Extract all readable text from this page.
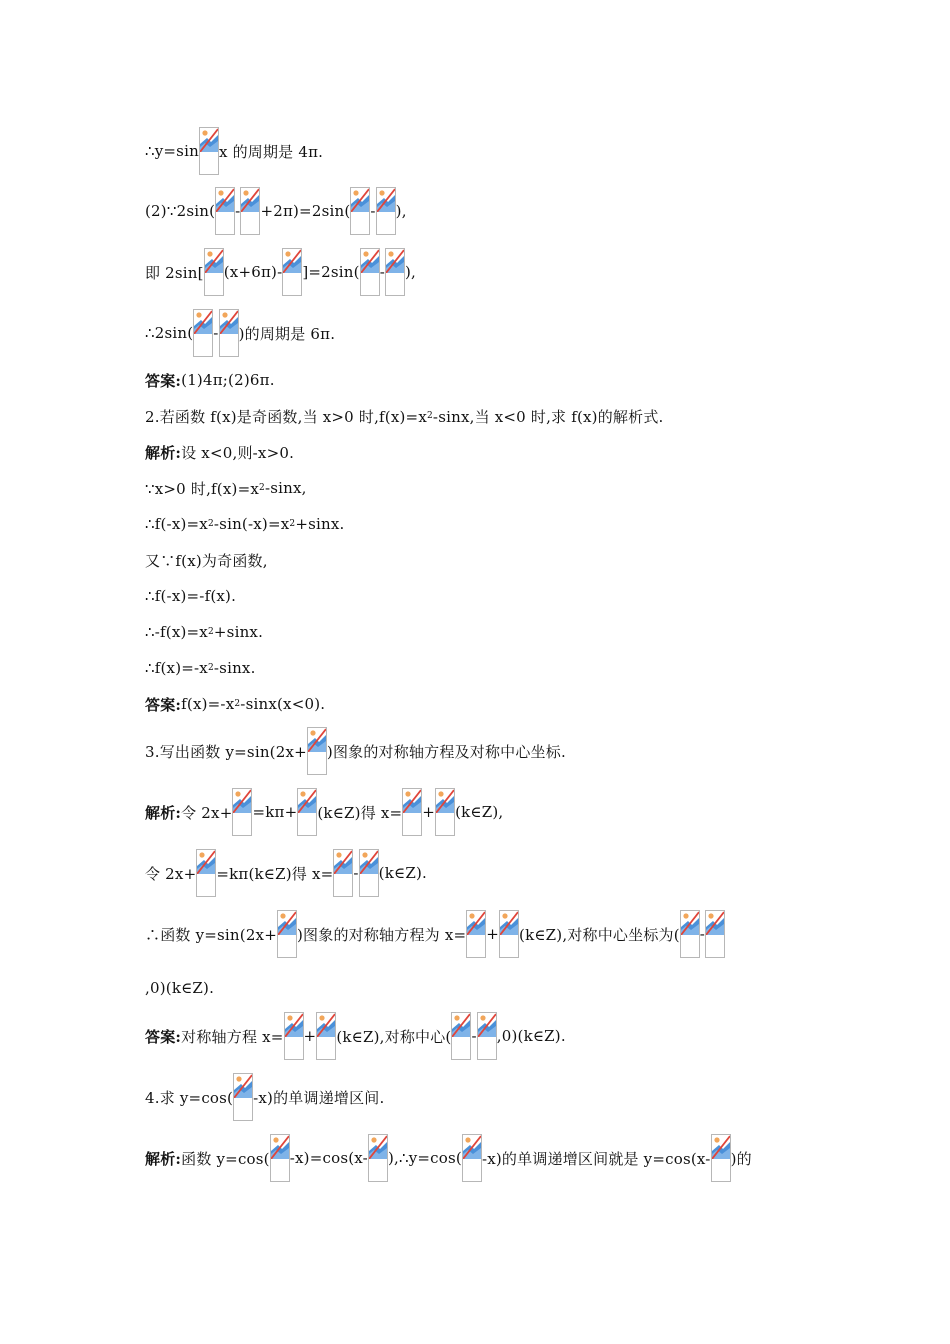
∴y=sin x 的周期是 4π.
(2)∵2sin( - +2π)=2sin( - ),
即 2sin[ (x+6π)- ]=2sin( - ),
∴2sin( - )的周期是 6π.
答案: (1)4π;(2)6π.
2.若函数 f(x)是奇函数,当 x>0 时,f(x)=x 2 -sinx,当 x<0 时,求 f(x)的解析式.
解析: 设 x<0,则-x>0.
∵x>0 时,f(x)=x 2 -sinx,
∴f(-x)=x 2 -sin(-x)=x 2 +sinx.
又∵f(x)为奇函数,
∴f(-x)=-f(x).
∴-f(x)=x 2 +sinx.
∴f(x)=-x 2 -sinx.
答案: f(x)=-x 2 -sinx(x<0).
3.写出函数 y=sin(2x+ )图象的对称轴方程及对称中心坐标.
解析: 令 2x+ =kπ+ (k∈Z)得 x= + (k∈Z),
令 2x+ =kπ(k∈Z)得 x= - (k∈Z).
∴函数 y=sin(2x+ )图象的对称轴方程为 x= + (k∈Z),对称中心坐标为( -
,0)(k∈Z).
答案: 对称轴方程 x= + (k∈Z),对称中心( - ,0)(k∈Z).
4.求 y=cos( -x)的单调递增区间.
解析: 函数 y=cos( -x)=cos(x- ),∴y=cos( -x)的单调递增区间就是 y=cos(x- )的
